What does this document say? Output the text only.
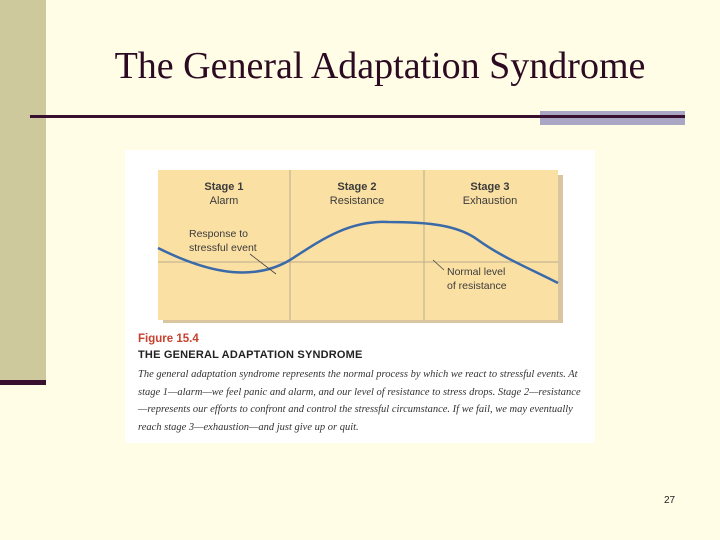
The General Adaptation Syndrome
Stage 1
Alarm
Stage 2
Resistance
Stage 3
Exhaustion
Response to
stressful event
Normal level
of resistance
Figure 15.4
THE GENERAL ADAPTATION SYNDROME
The general adaptation syndrome represents the normal process by which we react to stressful events. At stage 1—alarm—we feel panic and alarm, and our level of resistance to stress drops. Stage 2—resistance—represents our efforts to confront and control the stressful circumstance. If we fail, we may eventually reach stage 3—exhaustion—and just give up or quit.
27
